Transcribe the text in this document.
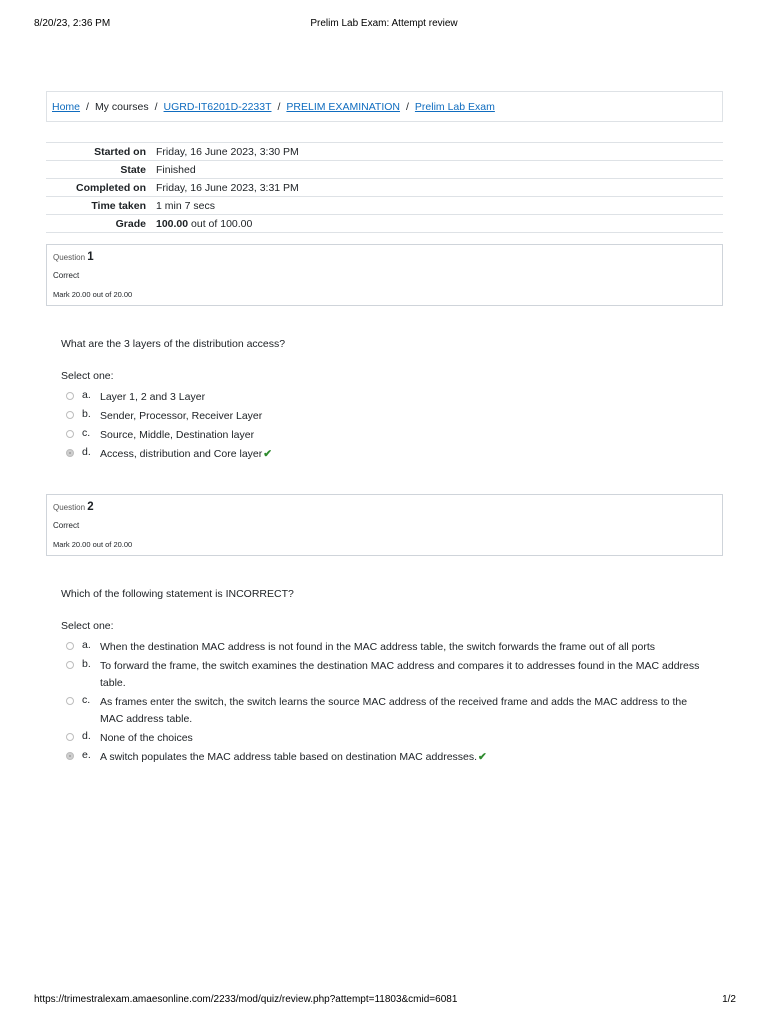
8/20/23, 2:36 PM	Prelim Lab Exam: Attempt review
Home / My courses / UGRD-IT6201D-2233T / PRELIM EXAMINATION / Prelim Lab Exam
Started on	Friday, 16 June 2023, 3:30 PM
State	Finished
Completed on	Friday, 16 June 2023, 3:31 PM
Time taken	1 min 7 secs
Grade	100.00 out of 100.00
Question 1
Correct
Mark 20.00 out of 20.00
What are the 3 layers of the distribution access?
Select one:
a. Layer 1, 2 and 3 Layer
b. Sender, Processor, Receiver Layer
c. Source, Middle, Destination layer
d. Access, distribution and Core layer✔
Question 2
Correct
Mark 20.00 out of 20.00
Which of the following statement is INCORRECT?
Select one:
a. When the destination MAC address is not found in the MAC address table, the switch forwards the frame out of all ports
b. To forward the frame, the switch examines the destination MAC address and compares it to addresses found in the MAC address table.
c. As frames enter the switch, the switch learns the source MAC address of the received frame and adds the MAC address to the MAC address table.
d. None of the choices
e. A switch populates the MAC address table based on destination MAC addresses.✔
https://trimestralexam.amaesonline.com/2233/mod/quiz/review.php?attempt=11803&cmid=6081	1/2
